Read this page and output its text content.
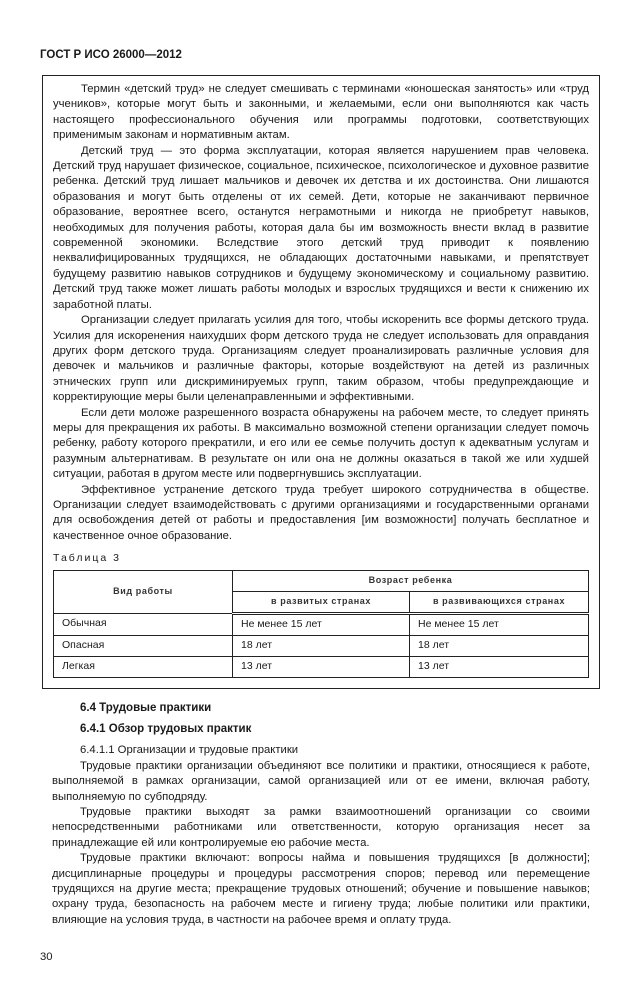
ГОСТ Р ИСО 26000—2012

Термин «детский труд» не следует смешивать с терминами «юношеская занятость» или «труд учеников», которые могут быть и законными, и желаемыми, если они выполняются как часть настоящего профессионального обучения или программы подготовки, соответствующих применимым законам и нормативным актам.

Детский труд — это форма эксплуатации, которая является нарушением прав человека. Детский труд нарушает физическое, социальное, психическое, психологическое и духовное развитие ребенка. Детский труд лишает мальчиков и девочек их детства и их достоинства. Они лишаются образования и могут быть отделены от их семей. Дети, которые не заканчивают первичное образование, вероятнее всего, останутся неграмотными и никогда не приобретут навыков, необходимых для получения работы, которая дала бы им возможность внести вклад в развитие современной экономики. Вследствие этого детский труд приводит к появлению неквалифицированных трудящихся, не обладающих достаточными навыками, и препятствует будущему развитию навыков сотрудников и будущему экономическому и социальному развитию. Детский труд также может лишать работы молодых и взрослых трудящихся и вести к снижению их заработной платы.

Организации следует прилагать усилия для того, чтобы искоренить все формы детского труда. Усилия для искоренения наихудших форм детского труда не следует использовать для оправдания других форм детского труда. Организациям следует проанализировать различные условия для девочек и мальчиков и различные факторы, которые воздействуют на детей из различных этнических групп или дискриминируемых групп, таким образом, чтобы предупреждающие и корректирующие меры были целенаправленными и эффективными.

Если дети моложе разрешенного возраста обнаружены на рабочем месте, то следует принять меры для прекращения их работы. В максимально возможной степени организации следует помочь ребенку, работу которого прекратили, и его или ее семье получить доступ к адекватным услугам и разумным альтернативам. В результате он или она не должны оказаться в такой же или худшей ситуации, работая в другом месте или подвергнувшись эксплуатации.

Эффективное устранение детского труда требует широкого сотрудничества в обществе. Организации следует взаимодействовать с другими организациями и государственными органами для освобождения детей от работы и предоставления [им возможности] получать бесплатное и качественное очное образование.

Таблица 3
Вид работы	Возраст ребенка	
	в развитых странах	в развивающихся странах
Обычная	Не менее 15 лет	Не менее 15 лет
Опасная	18 лет	18 лет
Легкая	13 лет	13 лет
6.4 Трудовые практики
6.4.1 Обзор трудовых практик
6.4.1.1 Организации и трудовые практики

Трудовые практики организации объединяют все политики и практики, относящиеся к работе, выполняемой в рамках организации, самой организацией или от ее имени, включая работу, выполняемую по субподряду.

Трудовые практики выходят за рамки взаимоотношений организации со своими непосредственными работниками или ответственности, которую организация несет за принадлежащие ей или контролируемые ею рабочие места.

Трудовые практики включают: вопросы найма и повышения трудящихся [в должности]; дисциплинарные процедуры и процедуры рассмотрения споров; перевод или перемещение трудящихся на другие места; прекращение трудовых отношений; обучение и повышение навыков; охрану труда, безопасность на рабочем месте и гигиену труда; любые политики или практики, влияющие на условия труда, в частности на рабочее время и оплату труда.

30
